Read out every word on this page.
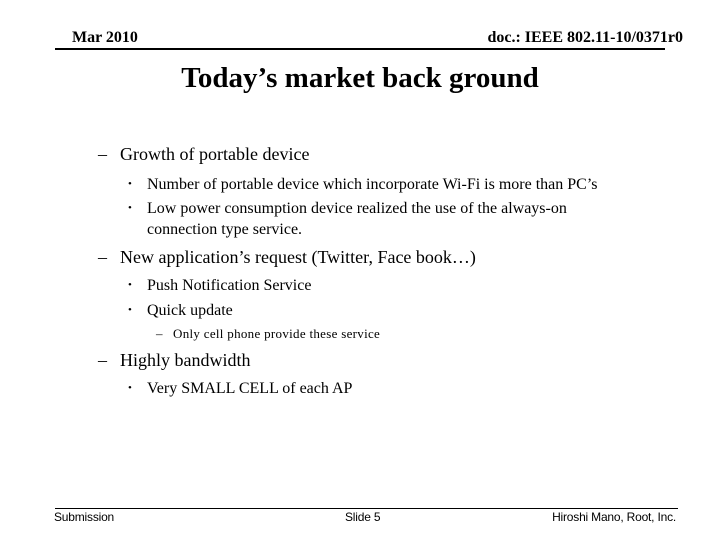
Mar 2010	doc.: IEEE 802.11-10/0371r0
Today’s market back ground
– Growth of portable device
• Number of portable device which incorporate Wi-Fi is more than PC’s
• Low power consumption device realized the use of the always-on connection type service.
– New application’s request (Twitter, Face book…)
• Push Notification Service
• Quick update
– Only cell phone provide these service
– Highly bandwidth
• Very SMALL CELL of each AP
Submission	Slide 5	Hiroshi Mano, Root, Inc.
